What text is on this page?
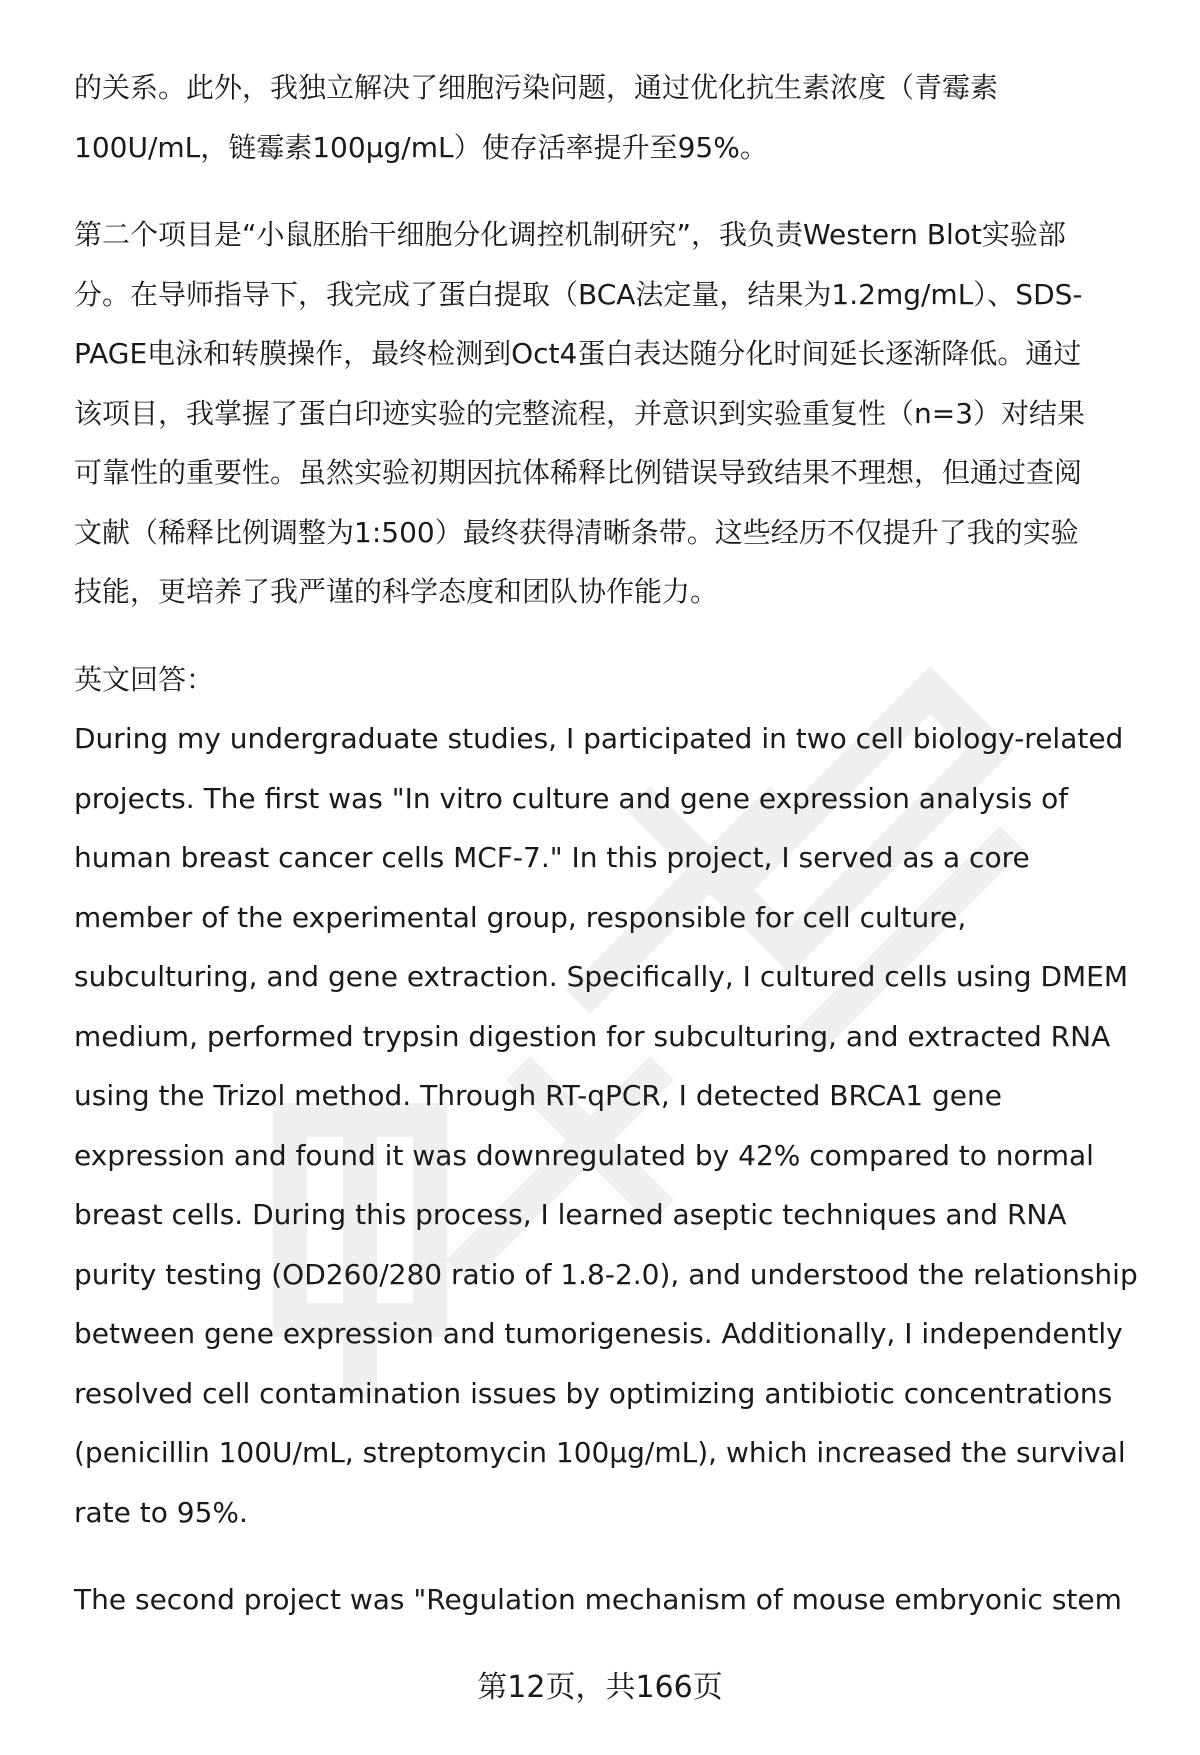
的关系。此外，我独立解决了细胞污染问题，通过优化抗生素浓度（青霉素
100U/mL，链霉素100μg/mL）使存活率提升至95%。
第二个项目是“小鼠胚胎干细胞分化调控机制研究”，我负责Western Blot实验部
分。在导师指导下，我完成了蛋白提取（BCA法定量，结果为1.2mg/mL）、SDS-
PAGE电泳和转膜操作，最终检测到Oct4蛋白表达随分化时间延长逐渐降低。通过
该项目，我掌握了蛋白印迹实验的完整流程，并意识到实验重复性（n=3）对结果
可靠性的重要性。虽然实验初期因抗体稀释比例错误导致结果不理想，但通过查阅
文献（稀释比例调整为1:500）最终获得清晰条带。这些经历不仅提升了我的实验
技能，更培养了我严谨的科学态度和团队协作能力。
英文回答：
During my undergraduate studies, I participated in two cell biology-related
projects. The first was "In vitro culture and gene expression analysis of
human breast cancer cells MCF-7." In this project, I served as a core
member of the experimental group, responsible for cell culture,
subculturing, and gene extraction. Specifically, I cultured cells using DMEM
medium, performed trypsin digestion for subculturing, and extracted RNA
using the Trizol method. Through RT-qPCR, I detected BRCA1 gene
expression and found it was downregulated by 42% compared to normal
breast cells. During this process, I learned aseptic techniques and RNA
purity testing (OD260/280 ratio of 1.8-2.0), and understood the relationship
between gene expression and tumorigenesis. Additionally, I independently
resolved cell contamination issues by optimizing antibiotic concentrations
(penicillin 100U/mL, streptomycin 100μg/mL), which increased the survival
rate to 95%.
The second project was "Regulation mechanism of mouse embryonic stem
第12页，共166页
